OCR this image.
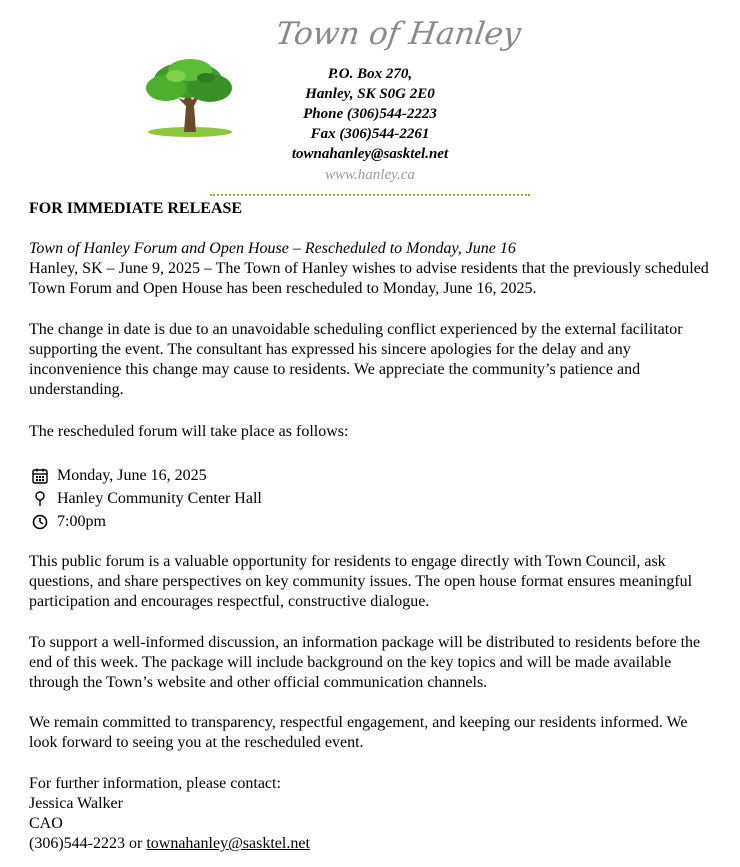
Town of Hanley
P.O. Box 270,
Hanley, SK S0G 2E0
Phone (306)544-2223
Fax (306)544-2261
townahanley@sasktel.net
www.hanley.ca

FOR IMMEDIATE RELEASE

Town of Hanley Forum and Open House – Rescheduled to Monday, June 16

Hanley, SK – June 9, 2025 – The Town of Hanley wishes to advise residents that the previously scheduled Town Forum and Open House has been rescheduled to Monday, June 16, 2025.

The change in date is due to an unavoidable scheduling conflict experienced by the external facilitator supporting the event. The consultant has expressed his sincere apologies for the delay and any inconvenience this change may cause to residents. We appreciate the community’s patience and understanding.

The rescheduled forum will take place as follows:

Monday, June 16, 2025
Hanley Community Center Hall
7:00pm

This public forum is a valuable opportunity for residents to engage directly with Town Council, ask questions, and share perspectives on key community issues. The open house format ensures meaningful participation and encourages respectful, constructive dialogue.

To support a well-informed discussion, an information package will be distributed to residents before the end of this week. The package will include background on the key topics and will be made available through the Town’s website and other official communication channels.

We remain committed to transparency, respectful engagement, and keeping our residents informed. We look forward to seeing you at the rescheduled event.

For further information, please contact:
Jessica Walker
CAO
(306)544-2223 or townahanley@sasktel.net
